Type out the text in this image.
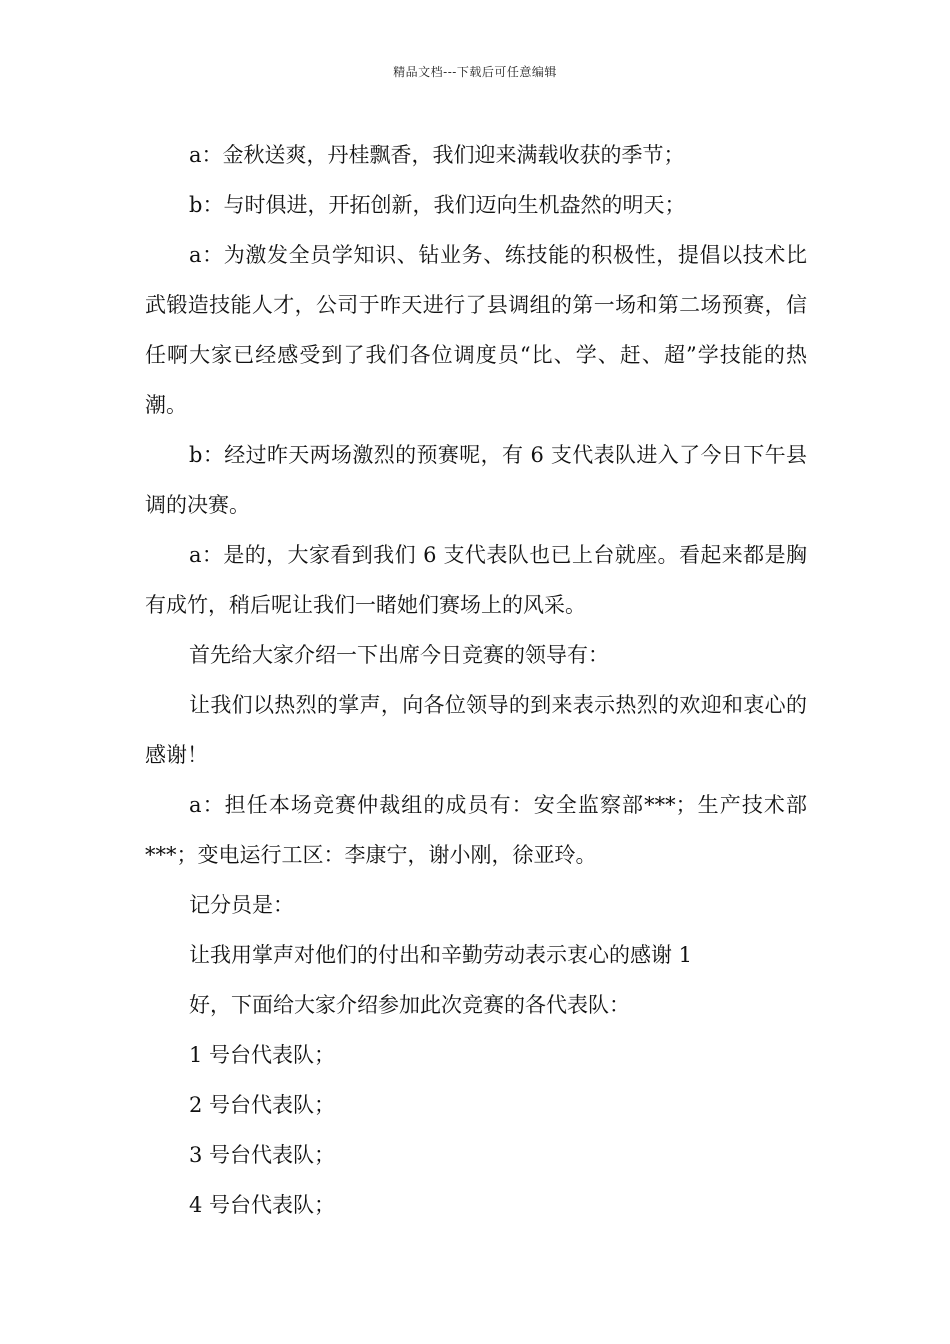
精品文档---下载后可任意编辑

a：金秋送爽，丹桂飘香，我们迎来满载收获的季节；

b：与时俱进，开拓创新，我们迈向生机盎然的明天；

a：为激发全员学知识、钻业务、练技能的积极性，提倡以技术比武锻造技能人才，公司于昨天进行了县调组的第一场和第二场预赛，信任啊大家已经感受到了我们各位调度员“比、学、赶、超”学技能的热潮。

b：经过昨天两场激烈的预赛呢，有 6 支代表队进入了今日下午县调的决赛。

a：是的，大家看到我们 6 支代表队也已上台就座。看起来都是胸有成竹，稍后呢让我们一睹她们赛场上的风采。

首先给大家介绍一下出席今日竞赛的领导有：

让我们以热烈的掌声，向各位领导的到来表示热烈的欢迎和衷心的感谢！

a：担任本场竞赛仲裁组的成员有：安全监察部***；生产技术部***；变电运行工区：李康宁，谢小刚，徐亚玲。

记分员是：

让我用掌声对他们的付出和辛勤劳动表示衷心的感谢 1

好，下面给大家介绍参加此次竞赛的各代表队：

1 号台代表队；

2 号台代表队；

3 号台代表队；

4 号台代表队；
